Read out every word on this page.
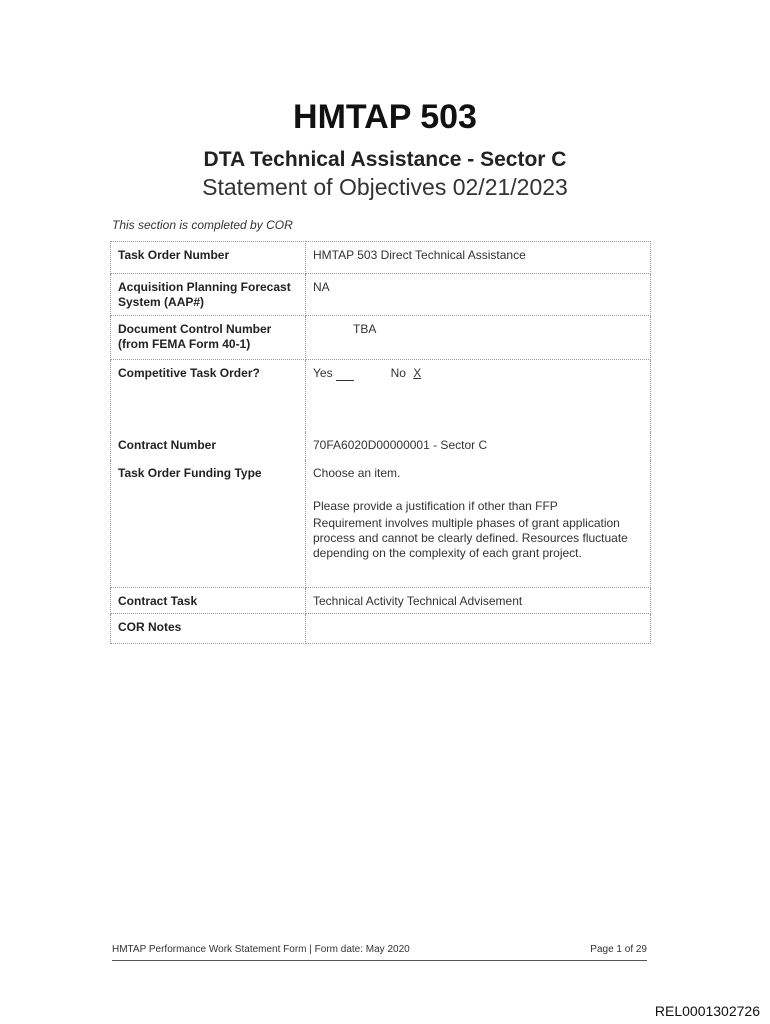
HMTAP 503
DTA Technical Assistance - Sector C
Statement of Objectives 02/21/2023
This section is completed by COR
Task Order Number	HMTAP 503 Direct Technical Assistance
Acquisition Planning Forecast System (AAP#)	NA
Document Control Number (from FEMA Form 40-1)	TBA
Competitive Task Order?	Yes No X
Contract Number	70FA6020D00000001 - Sector C
Task Order Funding Type	Choose an item.
Please provide a justification if other than FFP
Requirement involves multiple phases of grant application process and cannot be clearly defined. Resources fluctuate depending on the complexity of each grant project.

Contract Task	Technical Activity Technical Advisement
COR Notes	
HMTAP Performance Work Statement Form | Form date: May 2020	Page 1 of 29
REL0001302726
